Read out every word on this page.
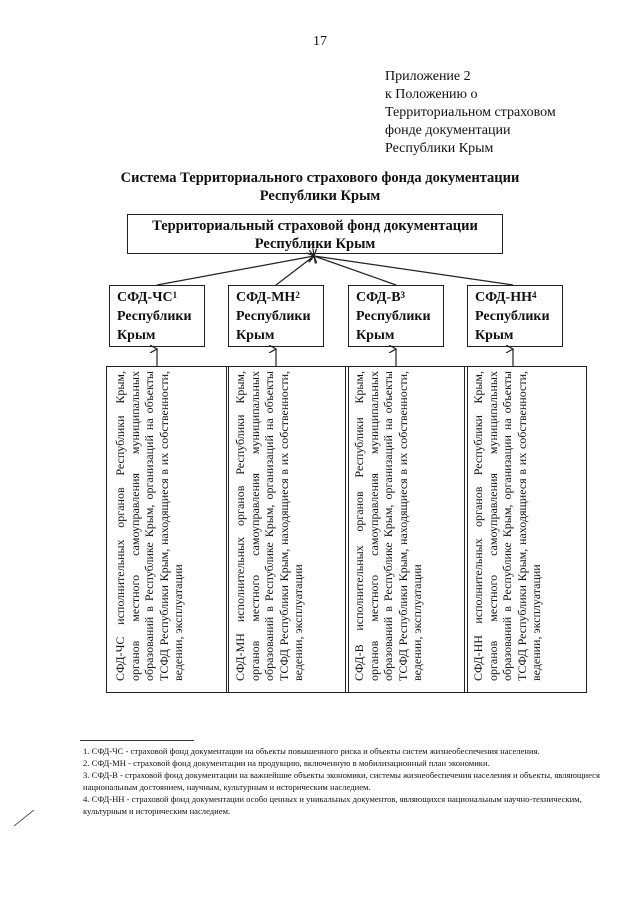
17
Приложение 2
к Положению о
Территориальном страховом
фонде документации
Республики Крым
Система Территориального страхового фонда документации
Республики Крым
Территориальный страховой фонд документации
Республики Крым
СФД-$ЧС^1$
Республики
Крым
СФД-$МН^2$
Республики
Крым
СФД-$В^3$
Республики
Крым
СФД-$НН^4$
Республики
Крым
СФД-ЧС исполнительных органов Республики Крым, органов местного самоуправления муниципальных образований в Республике Крым, организаций на объекты ТСФД Республики Крым, находящиеся в их собственности, ведении, эксплуатации	СФД-МН исполнительных органов Республики Крым, органов местного самоуправления муниципальных образований в Республике Крым, организаций на объекты ТСФД Республики Крым, находящиеся в их собственности, ведении, эксплуатации	СФД-В исполнительных органов Республики Крым, органов местного самоуправления муниципальных образований в Республике Крым, организаций на объекты ТСФД Республики Крым, находящиеся в их собственности, ведении, эксплуатации	СФД-НН исполнительных органов Республики Крым, органов местного самоуправления муниципальных образований в Республике Крым, организации на объекты ТСФД Республики Крым, находящиеся в их собственности, ведении, эксплуатации

1. СФД-ЧС - страховой фонд документации на объекты повышенного риска и объекты систем жизнеобеспечения населения.

2. СФД-МН - страховой фонд документации на продукцию, включенную в мобилизационный план экономики.

3. СФД-В - страховой фонд документации на важнейшие объекты экономики, системы жизнеобеспечения населения и объекты, являющиеся национальным достоянием, научным, культурным и историческим наследием.

4. СФД-НН - страховой фонд документации особо ценных и уникальных документов, являющихся национальным научно-техническим, культурным и историческим наследием.
